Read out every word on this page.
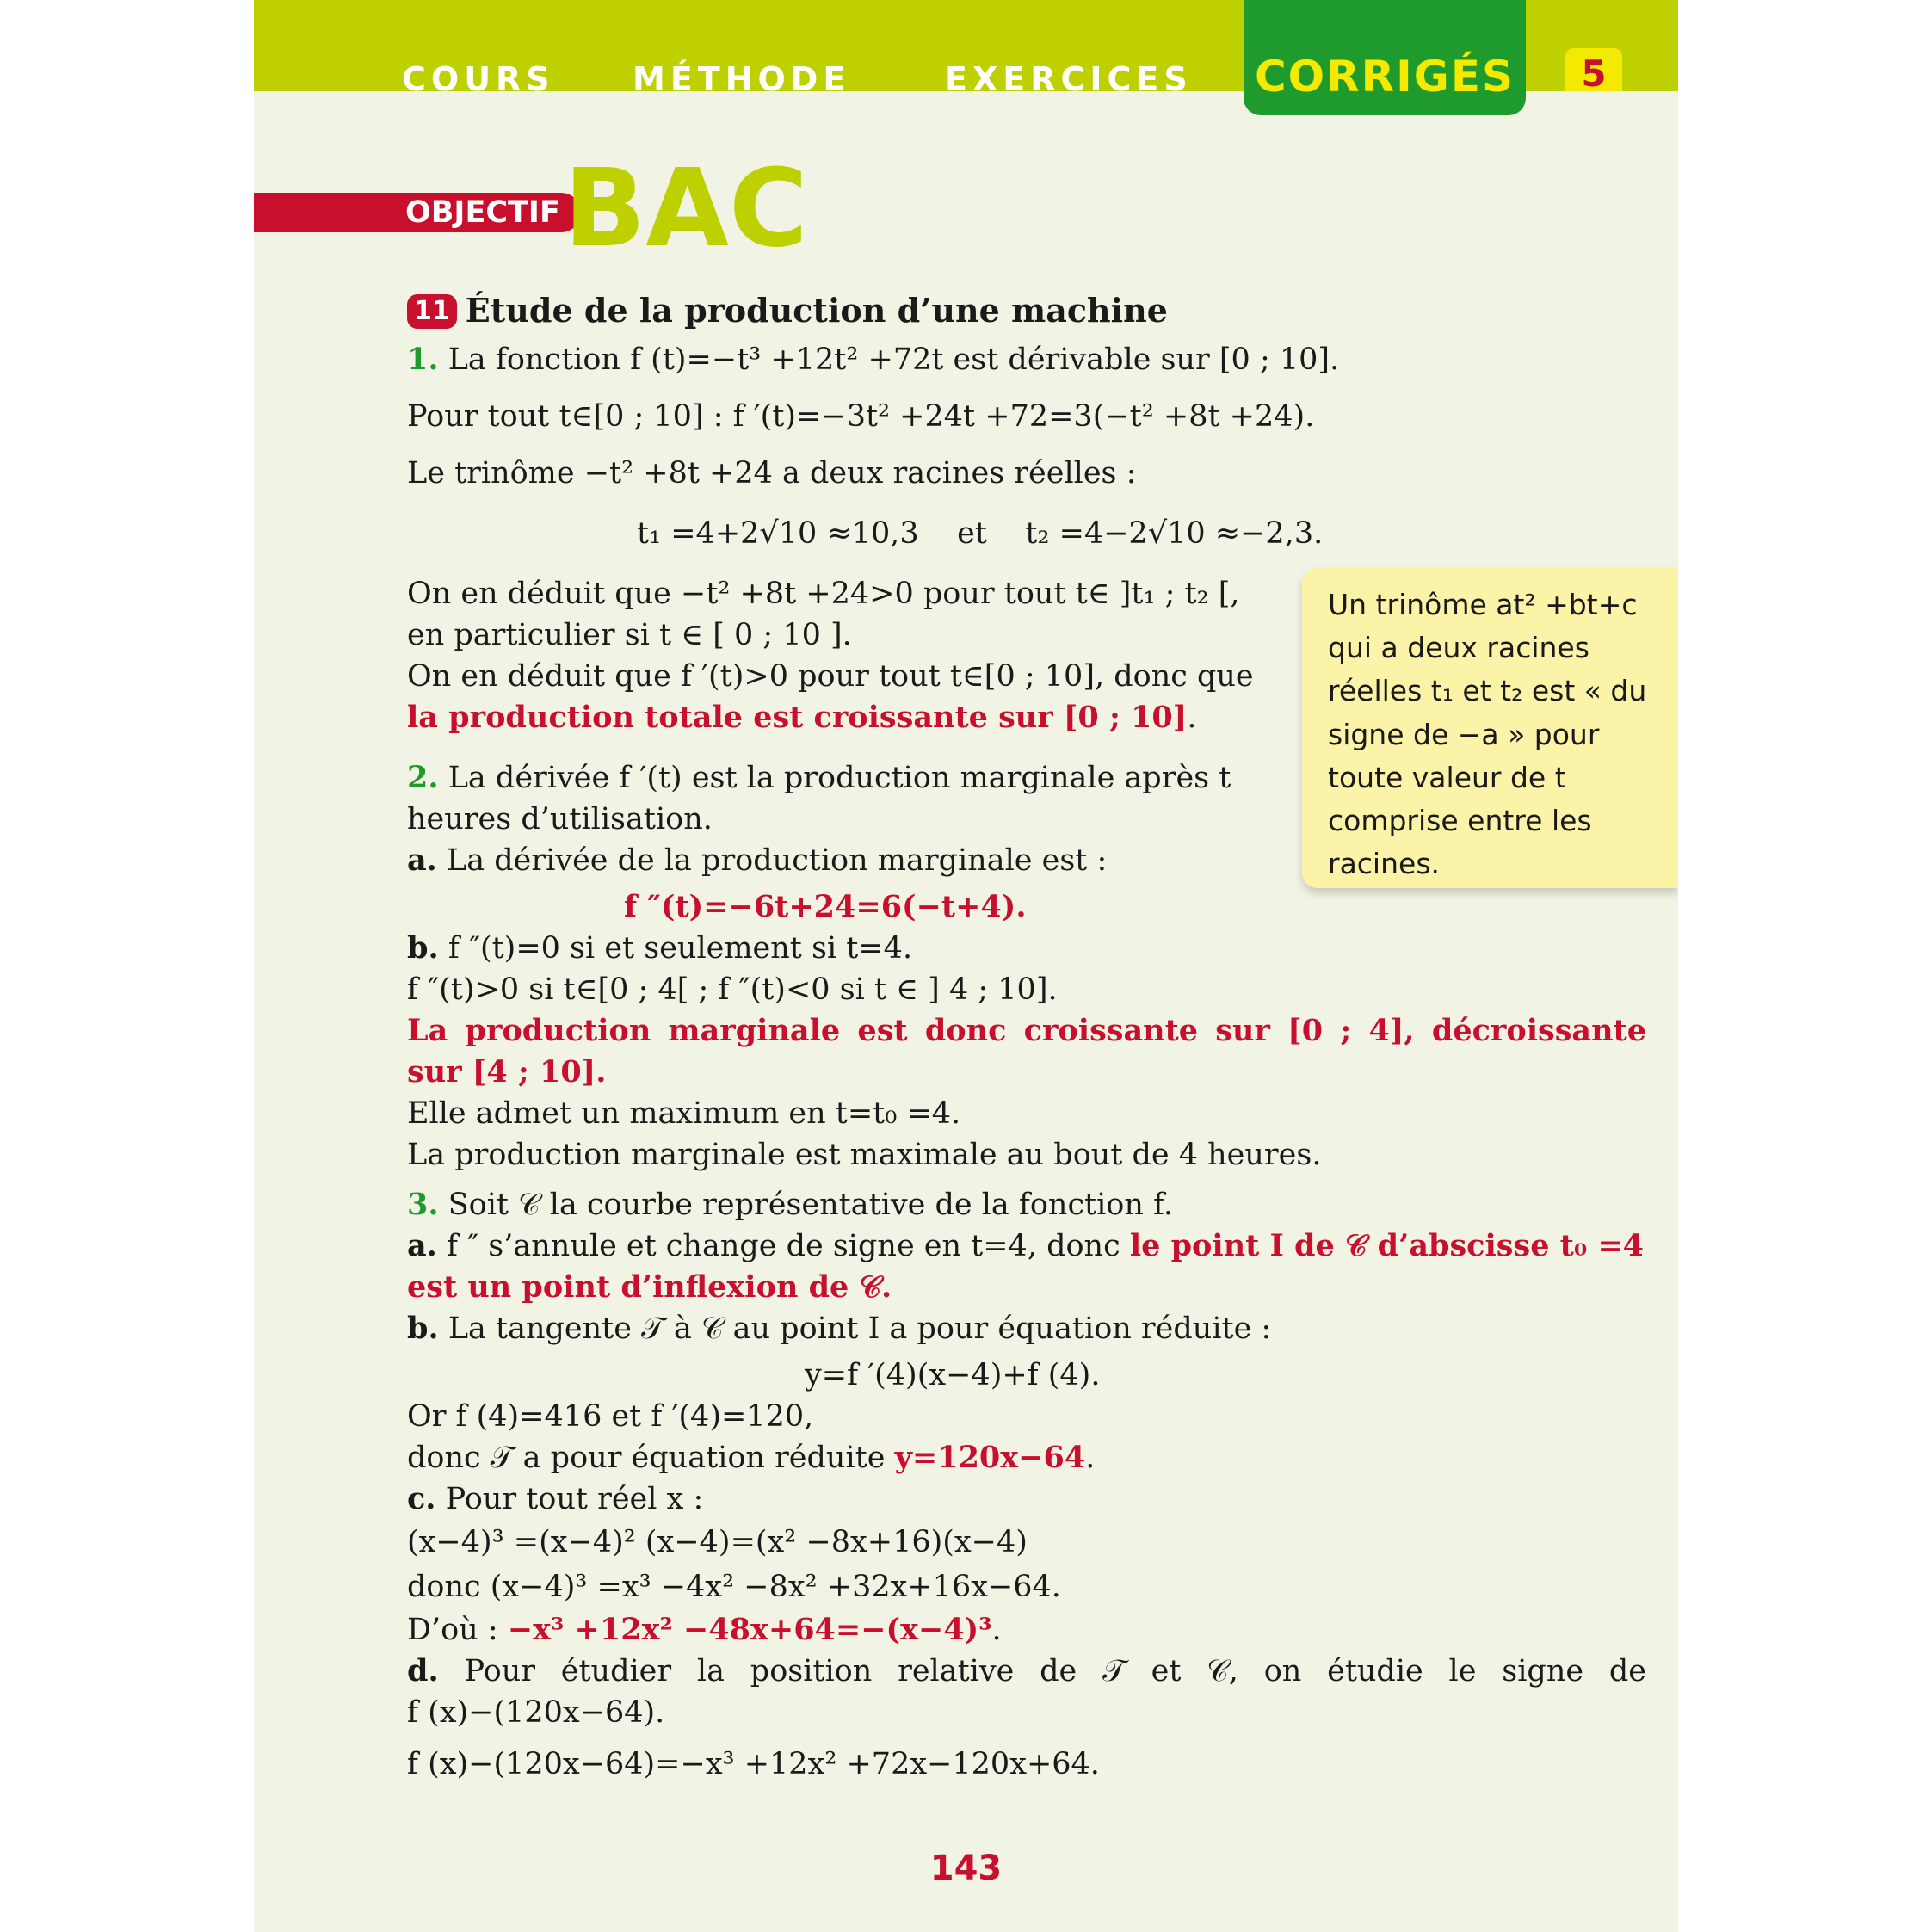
COURS MÉTHODE	EXERCICES CORRIGÉS	5
OBJECTIF BAC
11 Étude de la production d’une machine
1. La fonction f (t)=−t³ +12t² +72t est dérivable sur [0 ; 10].
Pour tout t∈[0 ; 10] : f ′(t)=−3t² +24t +72=3(−t² +8t +24).
Le trinôme −t² +8t +24 a deux racines réelles :
t₁ =4+2√10 ≈10,3    et    t₂ =4−2√10 ≈−2,3.
On en déduit que −t² +8t +24>0 pour tout t∈ ]t₁ ; t₂ [,
en particulier si t ∈ [ 0 ; 10 ].
On en déduit que f ′(t)>0 pour tout t∈[0 ; 10], donc que
la production totale est croissante sur [0 ; 10].
2. La dérivée f ′(t) est la production marginale après t
heures d’utilisation.
a. La dérivée de la production marginale est :
f ″(t)=−6t+24=6(−t+4).
b. f ″(t)=0 si et seulement si t=4.
f ″(t)>0 si t∈[0 ; 4[ ; f ″(t)<0 si t ∈ ] 4 ; 10].
La production marginale est donc croissante sur [0 ; 4], décroissante
sur [4 ; 10].
Elle admet un maximum en t=t₀ =4.
La production marginale est maximale au bout de 4 heures.
3. Soit 𝒞 la courbe représentative de la fonction f.
a. f ″ s’annule et change de signe en t=4, donc le point I de 𝒞 d’abscisse t₀ =4
est un point d’inflexion de 𝒞.
b. La tangente 𝒯 à 𝒞 au point I a pour équation réduite :
y=f ′(4)(x−4)+f (4).
Or f (4)=416 et f ′(4)=120,
donc 𝒯 a pour équation réduite y=120x−64.
c. Pour tout réel x :
(x−4)³ =(x−4)² (x−4)=(x² −8x+16)(x−4)
donc (x−4)³ =x³ −4x² −8x² +32x+16x−64.
D’où : −x³ +12x² −48x+64=−(x−4)³.
d. Pour étudier la position relative de 𝒯 et 𝒞, on étudie le signe de
f (x)−(120x−64).
f (x)−(120x−64)=−x³ +12x² +72x−120x+64.
Un trinôme at² +bt+c qui a deux racines réelles t₁ et t₂ est « du signe de −a » pour toute valeur de t comprise entre les racines.
143
